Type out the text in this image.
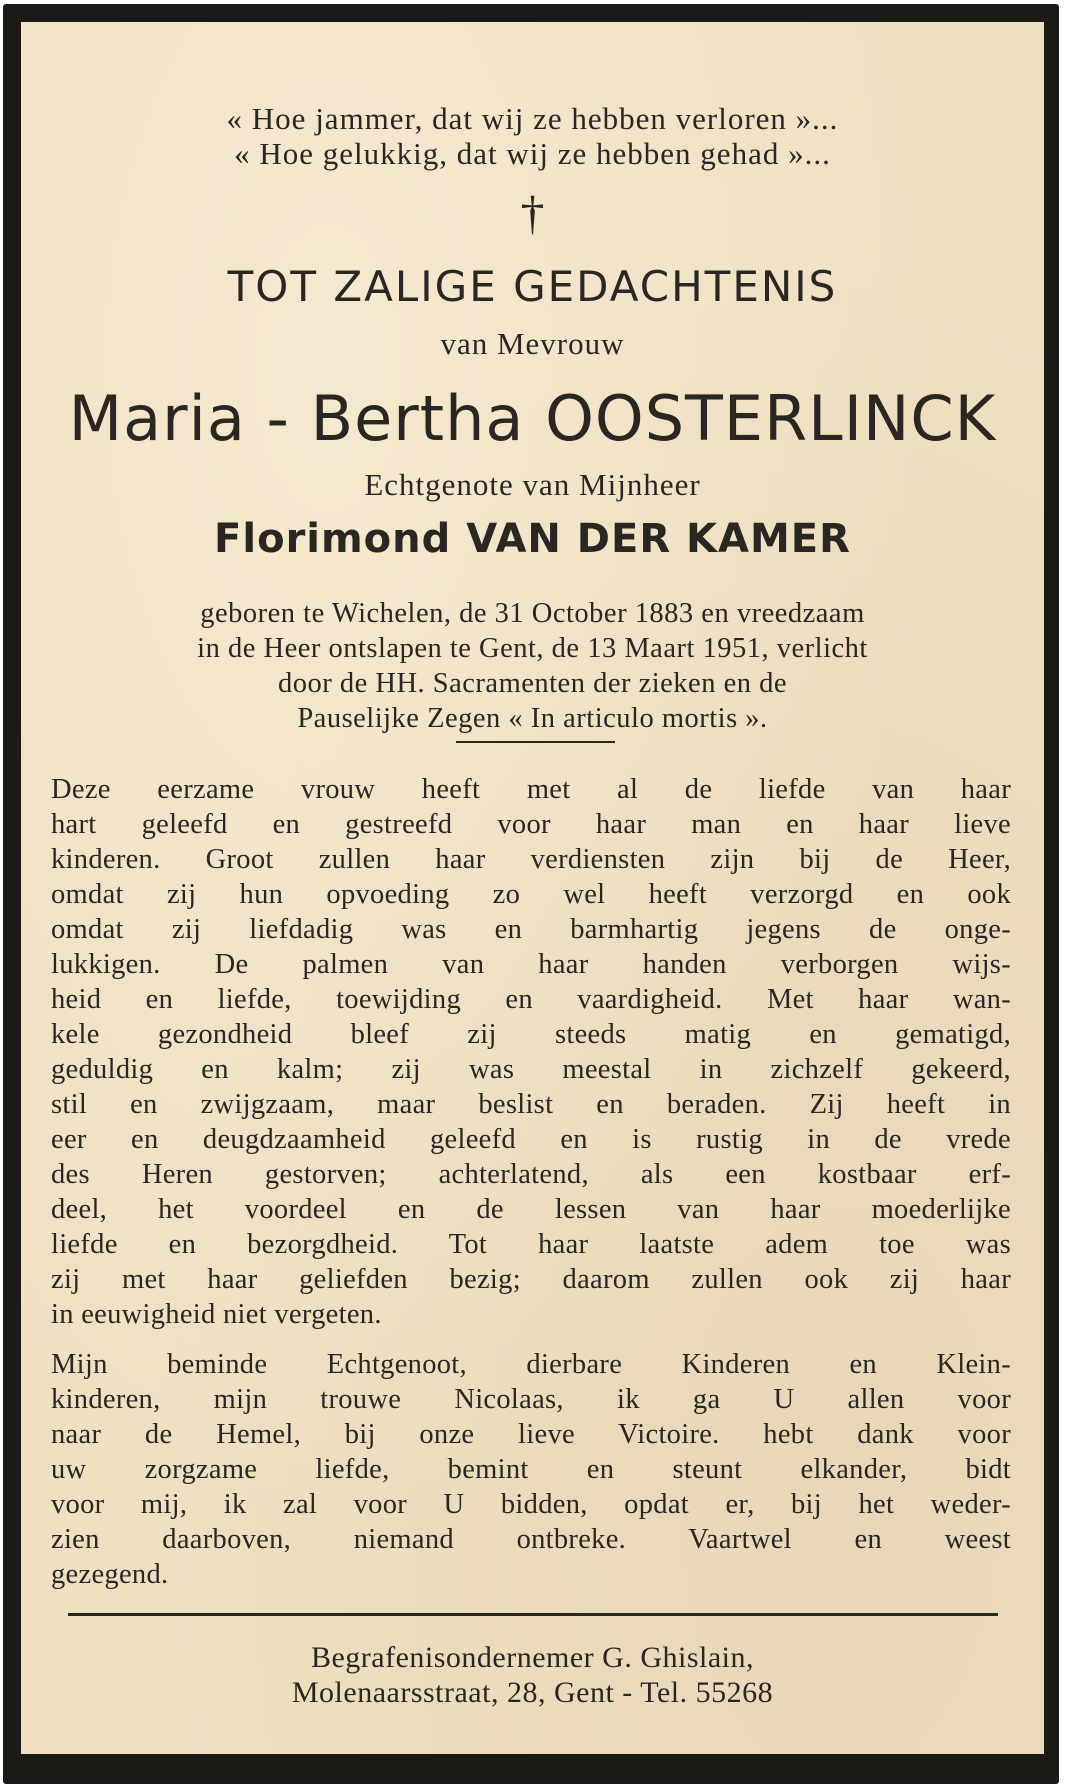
« Hoe jammer, dat wij ze hebben verloren »...
« Hoe gelukkig, dat wij ze hebben gehad »...
†
TOT ZALIGE GEDACHTENIS
van Mevrouw
Maria - Bertha OOSTERLINCK
Echtgenote van Mijnheer
Florimond VAN DER KAMER
geboren te Wichelen, de 31 October 1883 en vreedzaam
in de Heer ontslapen te Gent, de 13 Maart 1951, verlicht
door de HH. Sacramenten der zieken en de
Pauselijke Zegen « In articulo mortis ».
Deze eerzame vrouw heeft met al de liefde van haar
hart geleefd en gestreefd voor haar man en haar lieve
kinderen. Groot zullen haar verdiensten zijn bij de Heer,
omdat zij hun opvoeding zo wel heeft verzorgd en ook
omdat zij liefdadig was en barmhartig jegens de onge-
lukkigen. De palmen van haar handen verborgen wijs-
heid en liefde, toewijding en vaardigheid. Met haar wan-
kele gezondheid bleef zij steeds matig en gematigd,
geduldig en kalm; zij was meestal in zichzelf gekeerd,
stil en zwijgzaam, maar beslist en beraden. Zij heeft in
eer en deugdzaamheid geleefd en is rustig in de vrede
des Heren gestorven; achterlatend, als een kostbaar erf-
deel, het voordeel en de lessen van haar moederlijke
liefde en bezorgdheid. Tot haar laatste adem toe was
zij met haar geliefden bezig; daarom zullen ook zij haar
in eeuwigheid niet vergeten.
Mijn beminde Echtgenoot, dierbare Kinderen en Klein-
kinderen, mijn trouwe Nicolaas, ik ga U allen voor
naar de Hemel, bij onze lieve Victoire. hebt dank voor
uw zorgzame liefde, bemint en steunt elkander, bidt
voor mij, ik zal voor U bidden, opdat er, bij het weder-
zien daarboven, niemand ontbreke. Vaartwel en weest
gezegend.
Begrafenisondernemer G. Ghislain,
Molenaarsstraat, 28, Gent - Tel. 55268
